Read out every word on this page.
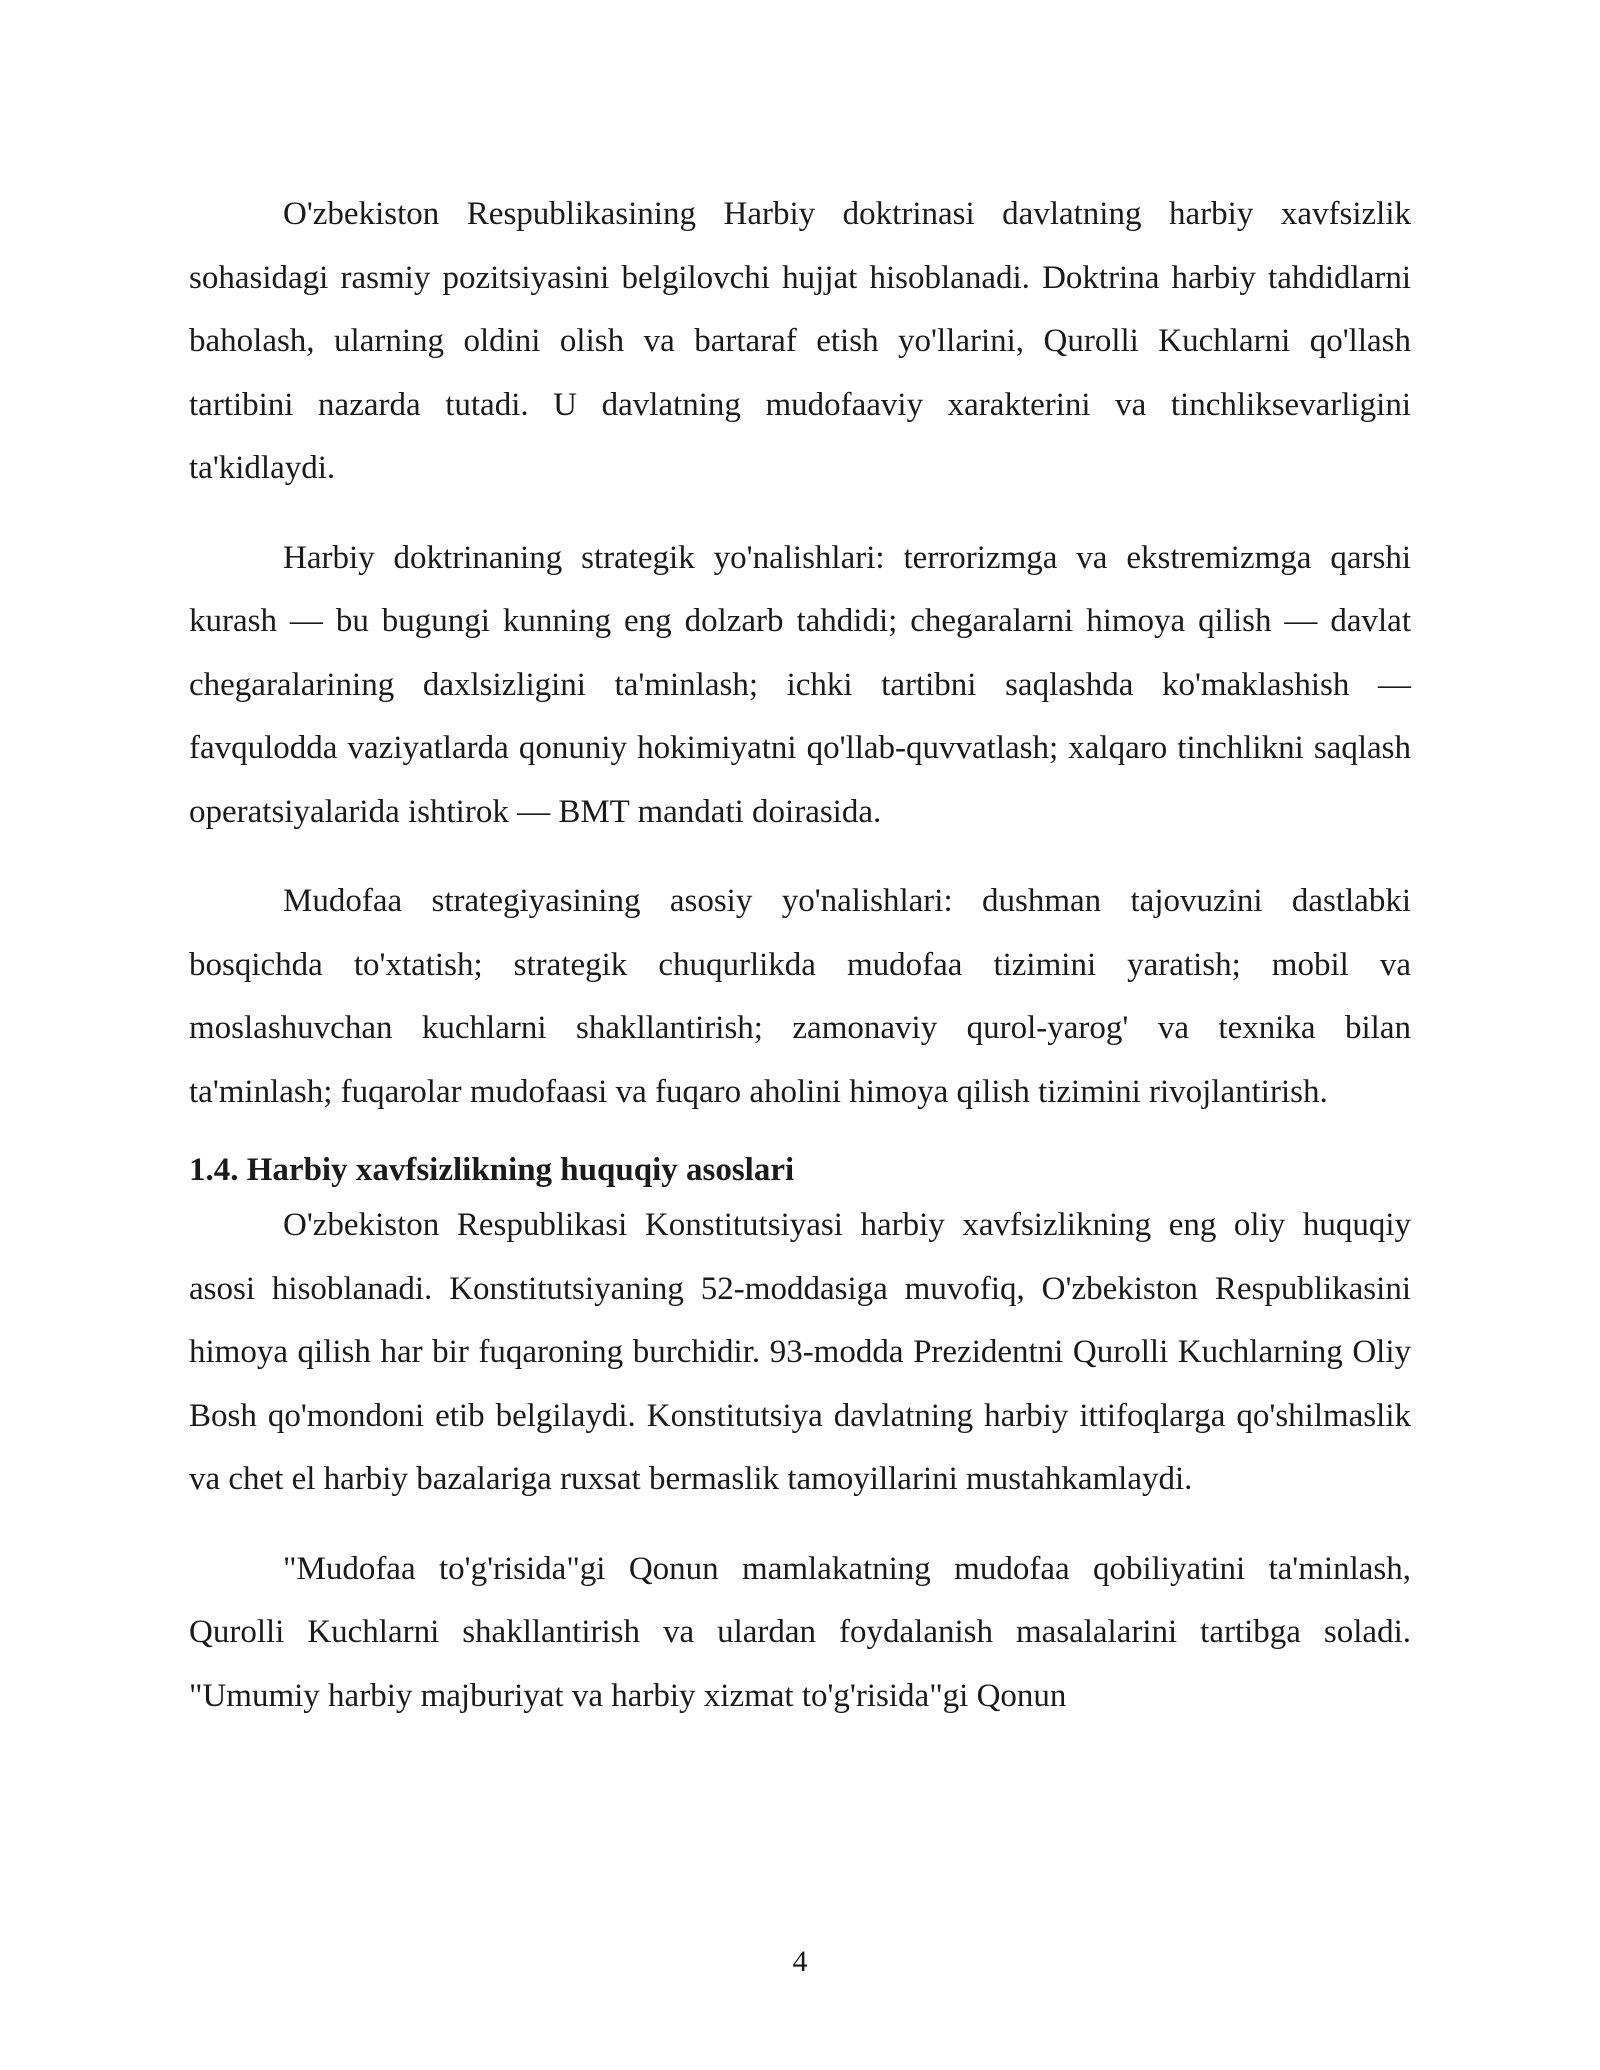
O'zbekiston Respublikasining Harbiy doktrinasi davlatning harbiy xavfsizlik sohasidagi rasmiy pozitsiyasini belgilovchi hujjat hisoblanadi. Doktrina harbiy tahdidlarni baholash, ularning oldini olish va bartaraf etish yo'llarini, Qurolli Kuchlarni qo'llash tartibini nazarda tutadi. U davlatning mudofaaviy xarakterini va tinchliksevarligini ta'kidlaydi.

Harbiy doktrinaning strategik yo'nalishlari: terrorizmga va ekstremizmga qarshi kurash — bu bugungi kunning eng dolzarb tahdidi; chegaralarni himoya qilish — davlat chegaralarining daxlsizligini ta'minlash; ichki tartibni saqlashda ko'maklashish — favqulodda vaziyatlarda qonuniy hokimiyatni qo'llab-quvvatlash; xalqaro tinchlikni saqlash operatsiyalarida ishtirok — BMT mandati doirasida.

Mudofaa strategiyasining asosiy yo'nalishlari: dushman tajovuzini dastlabki bosqichda to'xtatish; strategik chuqurlikda mudofaa tizimini yaratish; mobil va moslashuvchan kuchlarni shakllantirish; zamonaviy qurol-yarog' va texnika bilan ta'minlash; fuqarolar mudofaasi va fuqaro aholini himoya qilish tizimini rivojlantirish.

1.4. Harbiy xavfsizlikning huquqiy asoslari

O'zbekiston Respublikasi Konstitutsiyasi harbiy xavfsizlikning eng oliy huquqiy asosi hisoblanadi. Konstitutsiyaning 52-moddasiga muvofiq, O'zbekiston Respublikasini himoya qilish har bir fuqaroning burchidir. 93-modda Prezidentni Qurolli Kuchlarning Oliy Bosh qo'mondoni etib belgilaydi. Konstitutsiya davlatning harbiy ittifoqlarga qo'shilmaslik va chet el harbiy bazalariga ruxsat bermaslik tamoyillarini mustahkamlaydi.

"Mudofaa to'g'risida"gi Qonun mamlakatning mudofaa qobiliyatini ta'minlash, Qurolli Kuchlarni shakllantirish va ulardan foydalanish masalalarini tartibga soladi. "Umumiy harbiy majburiyat va harbiy xizmat to'g'risida"gi Qonun

4
